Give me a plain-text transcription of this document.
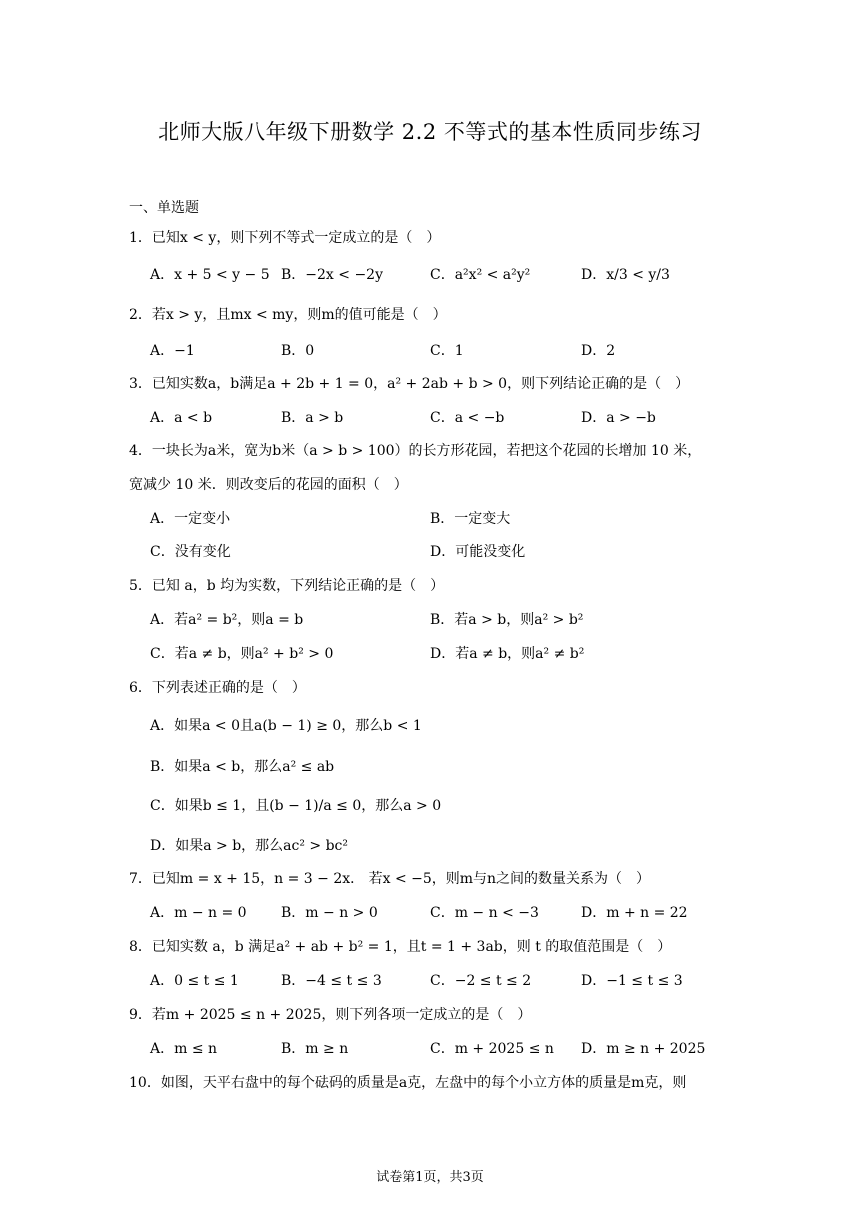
北师大版八年级下册数学 2.2 不等式的基本性质同步练习
一、单选题
1．已知x < y，则下列不等式一定成立的是（　）
A．x + 5 < y − 5 B．−2x < −2y	C．a²x² < a²y²	D．x/3 < y/3
2．若x > y，且mx < my，则m的值可能是（　）
A．−1	B．0	C．1	D．2
3．已知实数a，b满足a + 2b + 1 = 0，a² + 2ab + b > 0，则下列结论正确的是（　）
A．a < b	B．a > b	C．a < −b	D．a > −b
4．一块长为a米，宽为b米（a > b > 100）的长方形花园，若把这个花园的长增加 10 米，
宽减少 10 米．则改变后的花园的面积（　）
A．一定变小	B．一定变大
C．没有变化	D．可能没变化
5．已知 a，b 均为实数，下列结论正确的是（　）
A．若a² = b²，则a = b	B．若a > b，则a² > b²
C．若a ≠ b，则a² + b² > 0	D．若a ≠ b，则a² ≠ b²
6．下列表述正确的是（　）
A．如果a < 0且a(b − 1) ≥ 0，那么b < 1
B．如果a < b，那么a² ≤ ab
C．如果b ≤ 1，且(b − 1)/a ≤ 0，那么a > 0
D．如果a > b，那么ac² > bc²
7．已知m = x + 15，n = 3 − 2x． 若x < −5，则m与n之间的数量关系为（　）
A．m − n = 0 B．m − n > 0	C．m − n < −3	D．m + n = 22
8．已知实数 a，b 满足a² + ab + b² = 1，且t = 1 + 3ab，则 t 的取值范围是（　）
A．0 ≤ t ≤ 1	B．−4 ≤ t ≤ 3	C．−2 ≤ t ≤ 2	D．−1 ≤ t ≤ 3
9．若m + 2025 ≤ n + 2025，则下列各项一定成立的是（　）
A．m ≤ n	B．m ≥ n	C．m + 2025 ≤ n D．m ≥ n + 2025
10．如图，天平右盘中的每个砝码的质量是a克，左盘中的每个小立方体的质量是m克，则
试卷第1页，共3页
